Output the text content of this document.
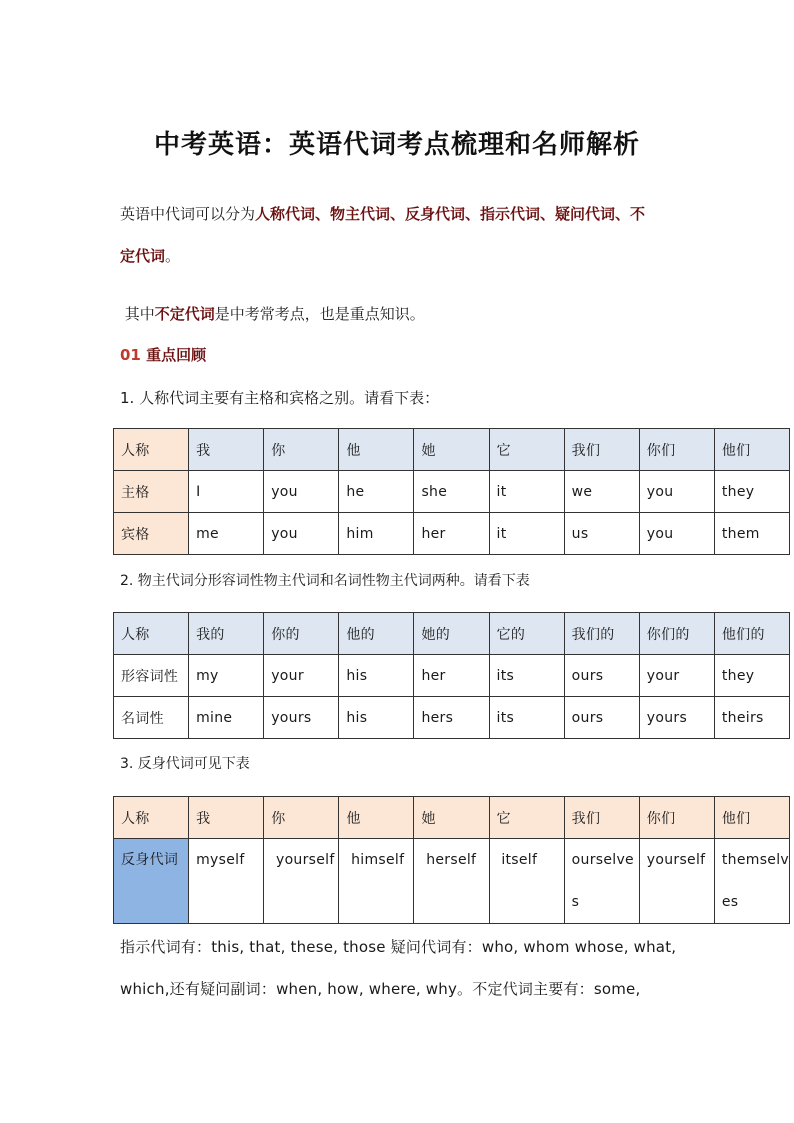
中考英语：英语代词考点梳理和名师解析
英语中代词可以分为人称代词、物主代词、反身代词、指示代词、疑问代词、不
定代词。
其中不定代词是中考常考点，也是重点知识。
01 重点回顾
1. 人称代词主要有主格和宾格之别。请看下表：
人称	我	你	他	她	它	我们	你们	他们
主格	I	you	he	she	it	we	you	they
宾格	me	you	him	her	it	us	you	them
2. 物主代词分形容词性物主代词和名词性物主代词两种。请看下表
人称	我的	你的	他的	她的	它的	我们的	你们的	他们的
形容词性	my	your	his	her	its	ours	your	they
名词性	mine	yours	his	hers	its	ours	yours	theirs
3. 反身代词可见下表
人称	我	你	他	她	它	我们	你们	他们
反身代词	myself	yourself	himself	herself	itself	ourselves	yourself	themselves
指示代词有：this, that, these, those 疑问代词有：who, whom whose, what,
which,还有疑问副词：when, how, where, why。不定代词主要有：some,
